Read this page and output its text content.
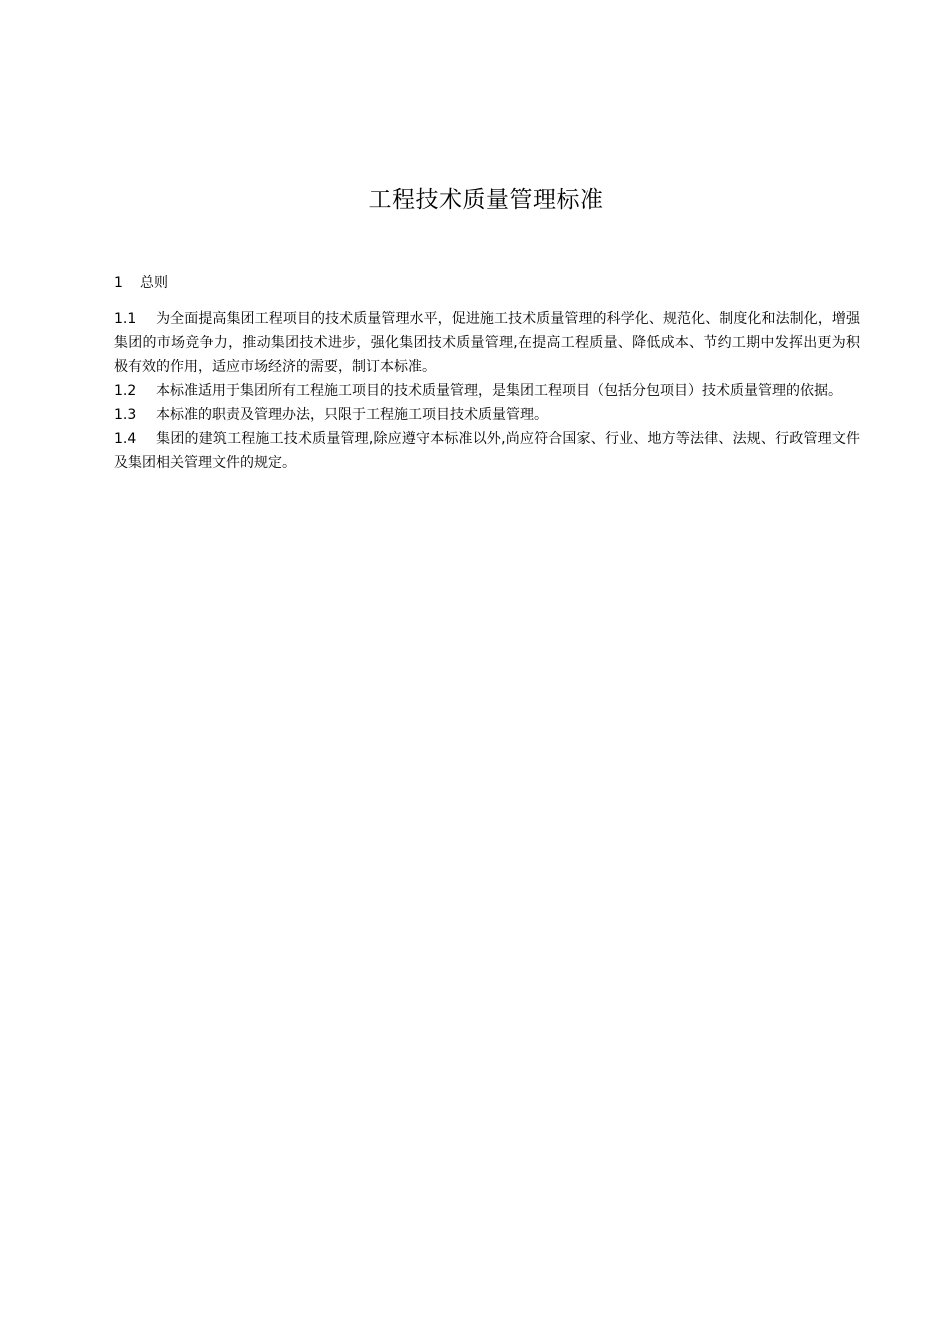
工程技术质量管理标准
1 总则

1.1 为全面提高集团工程项目的技术质量管理水平，促进施工技术质量管理的科学化、规范化、制度化和法制化，增强集团的市场竞争力，推动集团技术进步，强化集团技术质量管理,在提高工程质量、降低成本、节约工期中发挥出更为积极有效的作用，适应市场经济的需要，制订本标准。

1.2 本标准适用于集团所有工程施工项目的技术质量管理，是集团工程项目（包括分包项目）技术质量管理的依据。

1.3 本标准的职责及管理办法，只限于工程施工项目技术质量管理。

1.4 集团的建筑工程施工技术质量管理,除应遵守本标准以外,尚应符合国家、行业、地方等法律、法规、行政管理文件及集团相关管理文件的规定。
